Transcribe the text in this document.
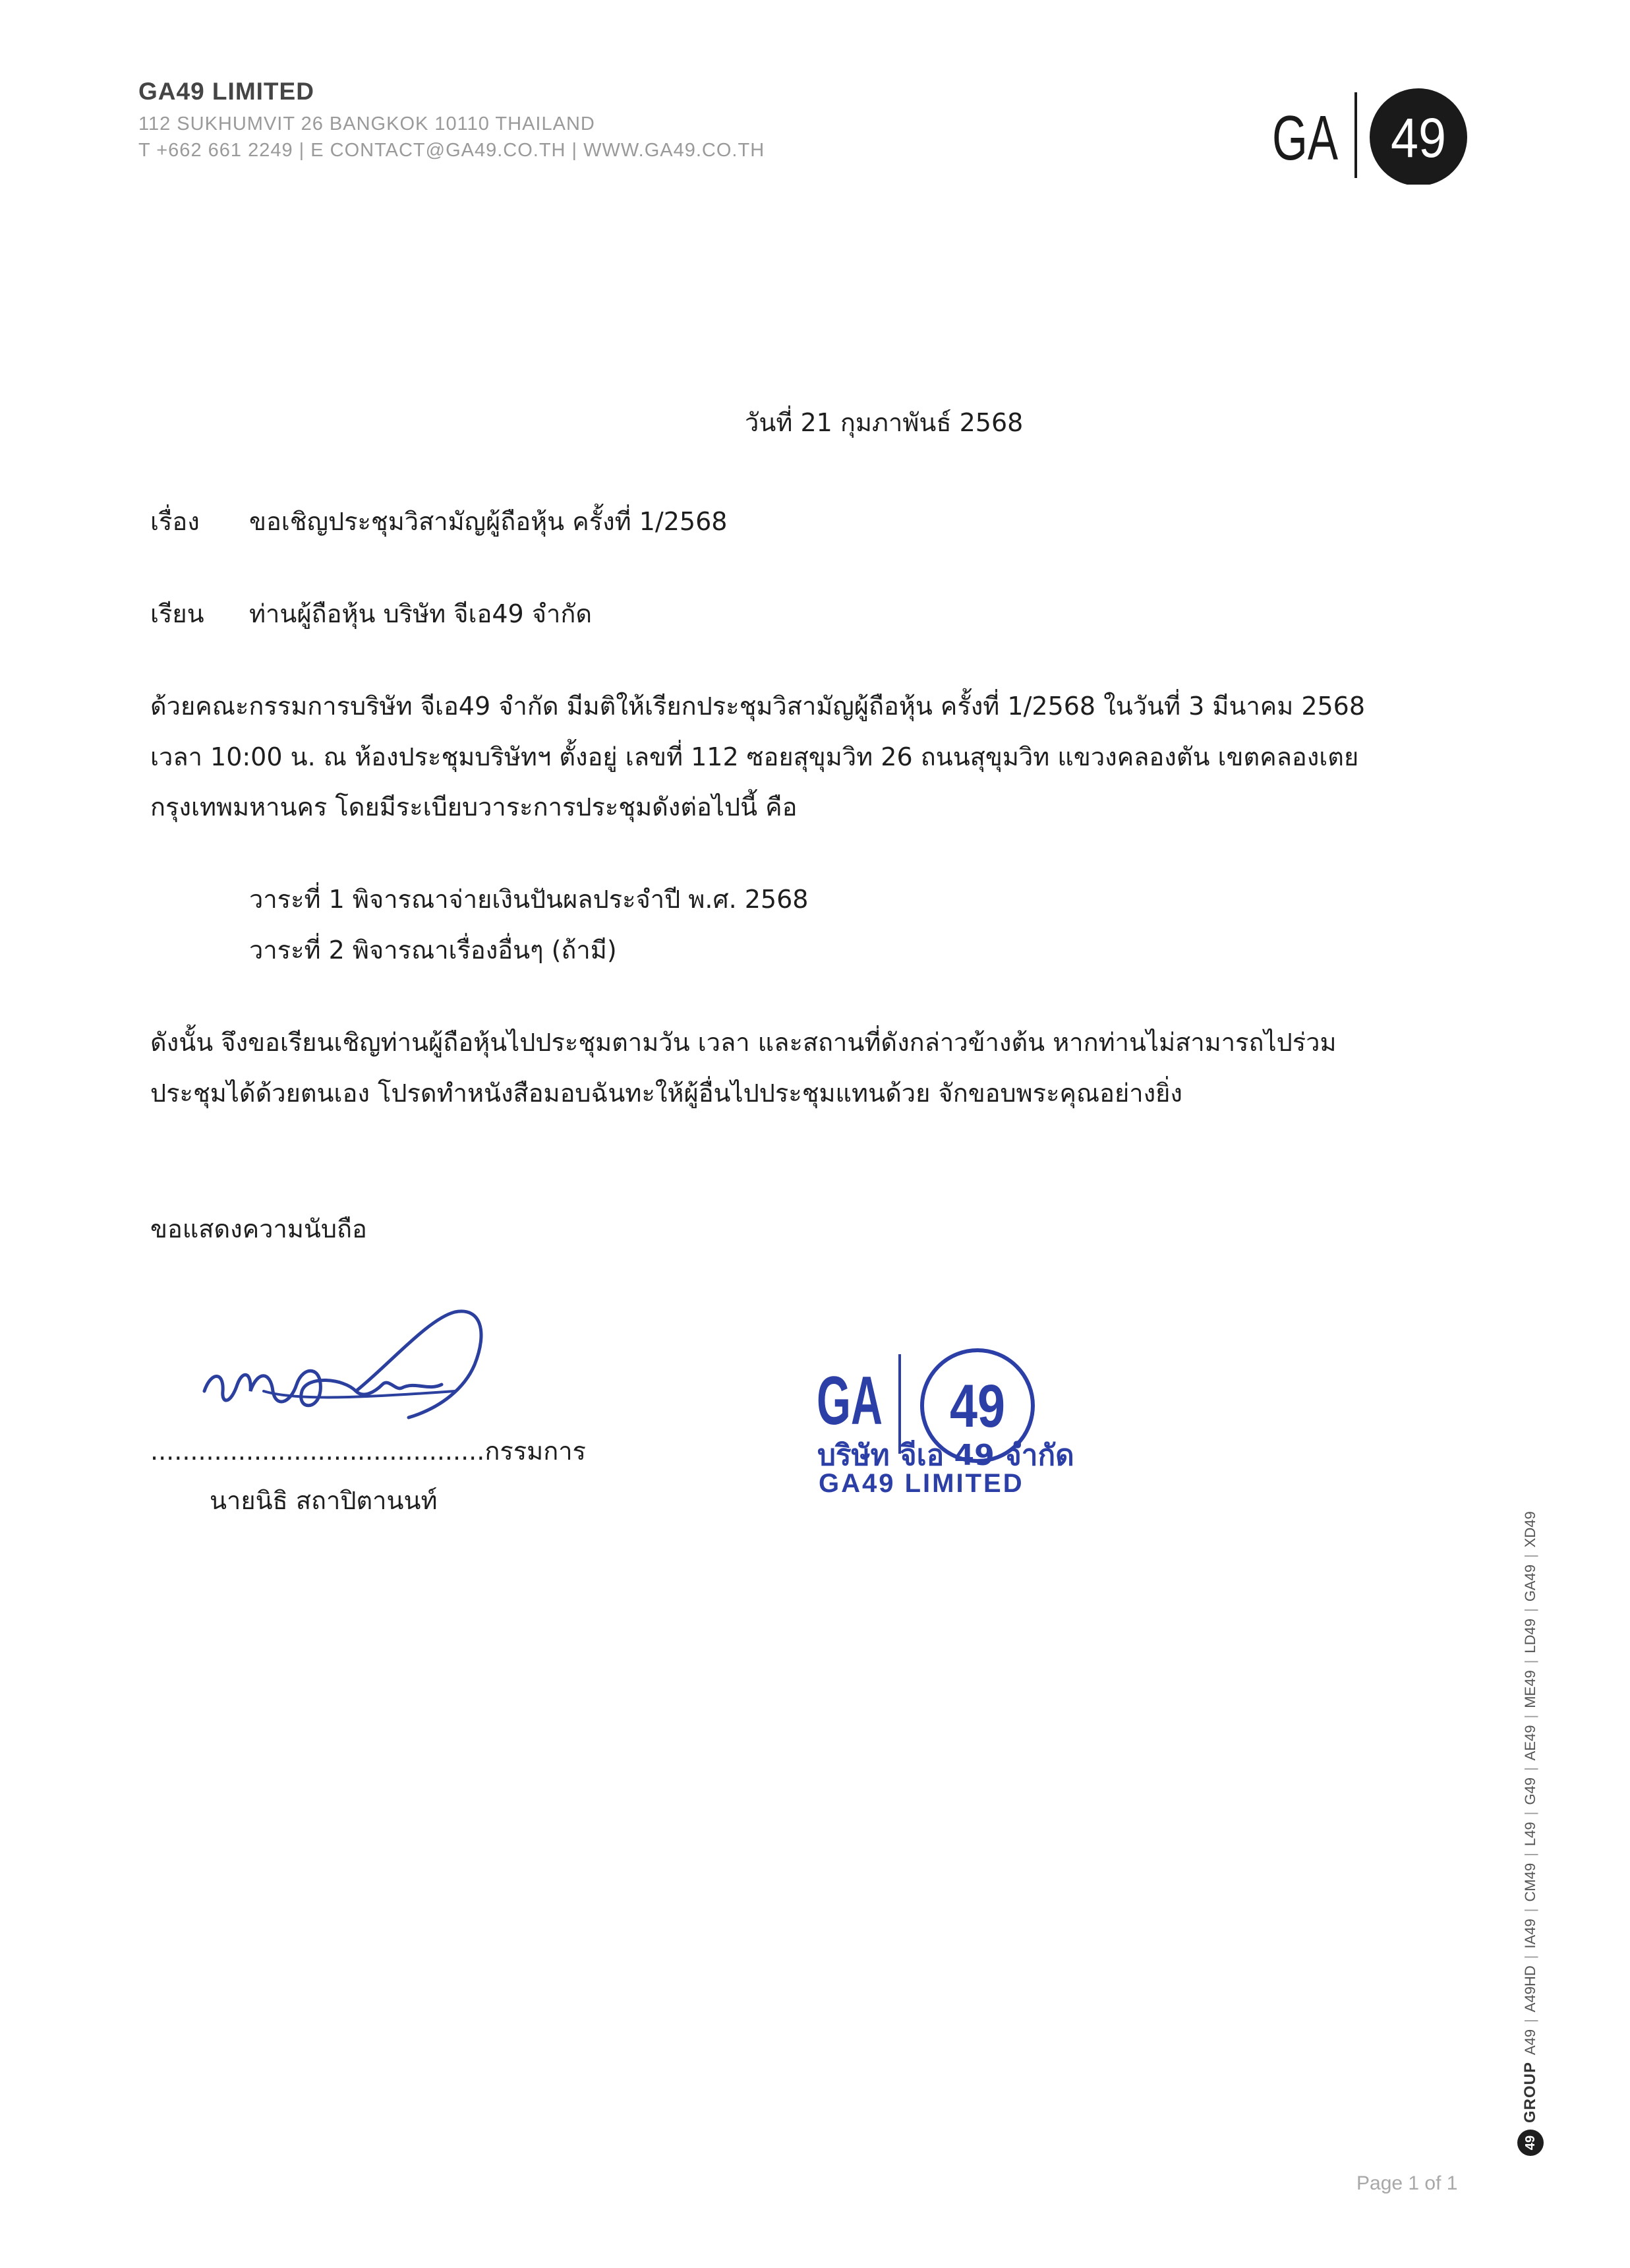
GA49 LIMITED
112 SUKHUMVIT 26 BANGKOK 10110 THAILAND
T +662 661 2249 | E CONTACT@GA49.CO.TH | WWW.GA49.CO.TH	GA 49
วันที่ 21 กุมภาพันธ์ 2568
เรื่อง ขอเชิญประชุมวิสามัญผู้ถือหุ้น ครั้งที่ 1/2568
เรียน ท่านผู้ถือหุ้น บริษัท จีเอ49 จำกัด
ด้วยคณะกรรมการบริษัท จีเอ49 จำกัด มีมติให้เรียกประชุมวิสามัญผู้ถือหุ้น ครั้งที่ 1/2568 ในวันที่ 3 มีนาคม 2568
เวลา 10:00 น. ณ ห้องประชุมบริษัทฯ ตั้งอยู่ เลขที่ 112 ซอยสุขุมวิท 26 ถนนสุขุมวิท แขวงคลองตัน เขตคลองเตย
กรุงเทพมหานคร โดยมีระเบียบวาระการประชุมดังต่อไปนี้ คือ
วาระที่ 1 พิจารณาจ่ายเงินปันผลประจำปี พ.ศ. 2568
วาระที่ 2 พิจารณาเรื่องอื่นๆ (ถ้ามี)
ดังนั้น จึงขอเรียนเชิญท่านผู้ถือหุ้นไปประชุมตามวัน เวลา และสถานที่ดังกล่าวข้างต้น หากท่านไม่สามารถไปร่วม
ประชุมได้ด้วยตนเอง โปรดทำหนังสือมอบฉันทะให้ผู้อื่นไปประชุมแทนด้วย จักขอบพระคุณอย่างยิ่ง
ขอแสดงความนับถือ
..........................................กรรมการ
นายนิธิ สถาปิตานนท์
GA 49
บริษัท จีเอ 49 จำกัด
GA49 LIMITED
49
GROUP
A49
|
A49HD
|
IA49
|
CM49
|
L49
|
G49
|
AE49
|
ME49
|
LD49
|
GA49
|
XD49
Page 1 of 1
